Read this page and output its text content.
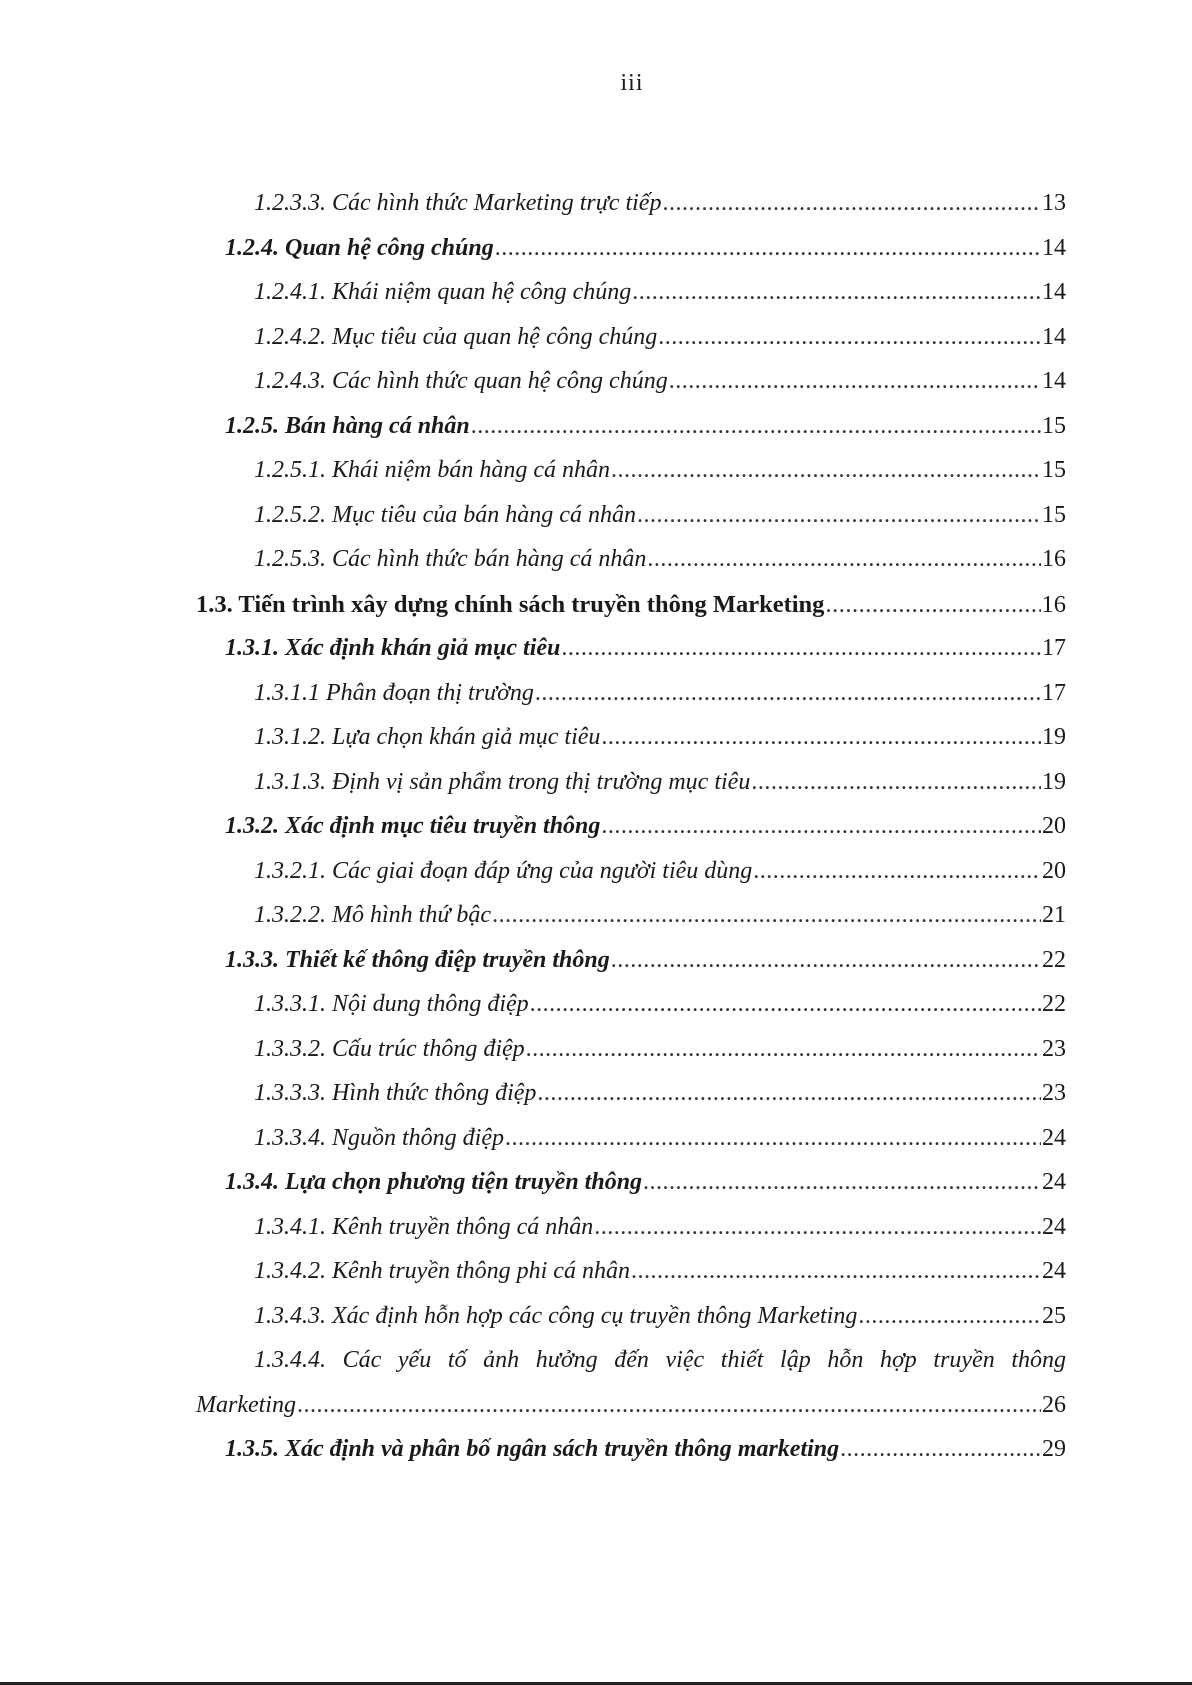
iii
1.2.3.3. Các hình thức Marketing trực tiếp .....	13
1.2.4. Quan hệ công chúng .....	14
1.2.4.1. Khái niệm quan hệ công chúng .....	14
1.2.4.2. Mục tiêu của quan hệ công chúng .....	14
1.2.4.3. Các hình thức quan hệ công chúng .....	14
1.2.5. Bán hàng cá nhân .....	15
1.2.5.1. Khái niệm bán hàng cá nhân .....	15
1.2.5.2. Mục tiêu của bán hàng cá nhân .....	15
1.2.5.3. Các hình thức bán hàng cá nhân .....	16
1.3. Tiến trình xây dựng chính sách truyền thông Marketing .....	16
1.3.1. Xác định khán giả mục tiêu .....	17
1.3.1.1 Phân đoạn thị trường .....	17
1.3.1.2. Lựa chọn khán giả mục tiêu .....	19
1.3.1.3. Định vị sản phẩm trong thị trường mục tiêu .....	19
1.3.2. Xác định mục tiêu truyền thông .....	20
1.3.2.1. Các giai đoạn đáp ứng của người tiêu dùng .....	20
1.3.2.2. Mô hình thứ bậc .....	21
1.3.3. Thiết kế thông điệp truyền thông .....	22
1.3.3.1. Nội dung thông điệp .....	22
1.3.3.2. Cấu trúc thông điệp .....	23
1.3.3.3. Hình thức thông điệp .....	23
1.3.3.4. Nguồn thông điệp .....	24
1.3.4. Lựa chọn phương tiện truyền thông .....	24
1.3.4.1. Kênh truyền thông cá nhân .....	24
1.3.4.2. Kênh truyền thông phi cá nhân .....	24
1.3.4.3. Xác định hỗn hợp các công cụ truyền thông Marketing .....	25
1.3.4.4. Các yếu tố ảnh hưởng đến việc thiết lập hỗn hợp truyền thông
Marketing .....	26
1.3.5. Xác định và phân bố ngân sách truyền thông marketing .....	29
